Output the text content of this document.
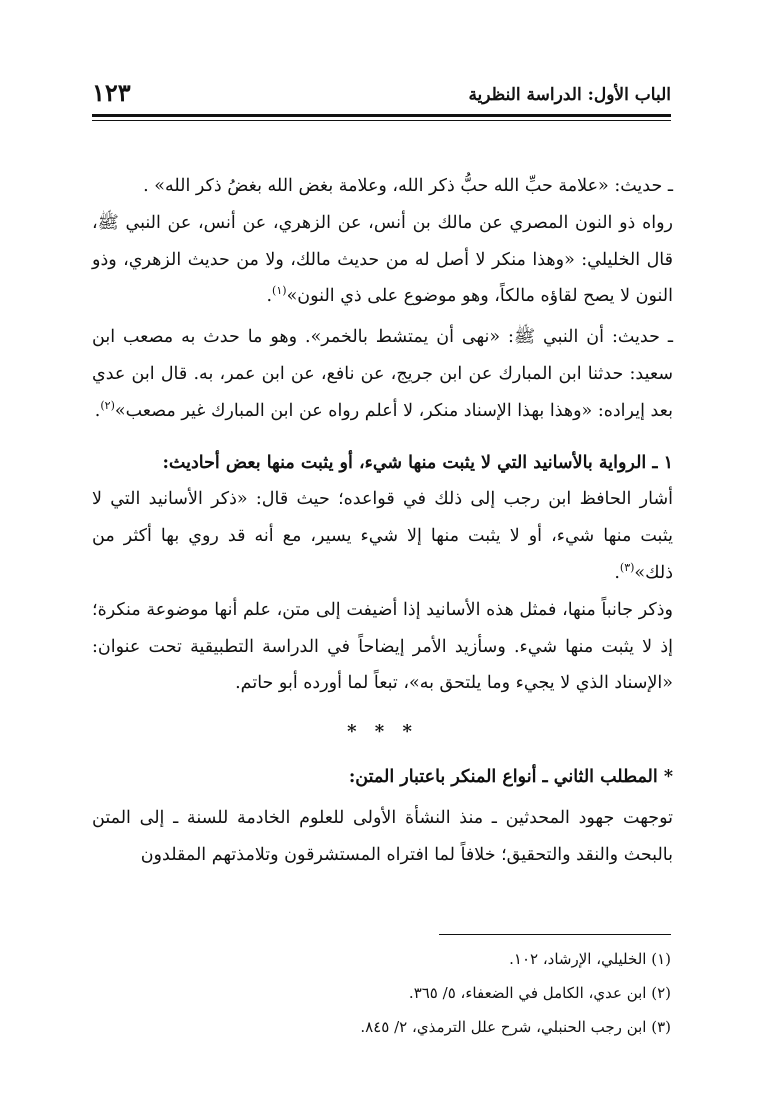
الباب الأول: الدراسة النظرية
١٢٣

ـ حديث: «علامة حبِّ الله حبُّ ذكر الله، وعلامة بغض الله بغضُ ذكر الله» .

رواه ذو النون المصري عن مالك بن أنس، عن الزهري، عن أنس، عن النبي ﷺ، قال الخليلي: «وهذا منكر لا أصل له من حديث مالك، ولا من حديث الزهري، وذو النون لا يصح لقاؤه مالكاً، وهو موضوع على ذي النون»$^{(١)}$.

ـ حديث: أن النبي ﷺ: «نهى أن يمتشط بالخمر». وهو ما حدث به مصعب ابن سعيد: حدثنا ابن المبارك عن ابن جريج، عن نافع، عن ابن عمر، به. قال ابن عدي بعد إيراده: «وهذا بهذا الإسناد منكر، لا أعلم رواه عن ابن المبارك غير مصعب»$^{(٢)}$.

١ ـ الرواية بالأسانيد التي لا يثبت منها شيء، أو يثبت منها بعض أحاديث:

أشار الحافظ ابن رجب إلى ذلك في قواعده؛ حيث قال: «ذكر الأسانيد التي لا يثبت منها شيء، أو لا يثبت منها إلا شيء يسير، مع أنه قد روي بها أكثر من ذلك»$^{(٣)}$.

وذكر جانباً منها، فمثل هذه الأسانيد إذا أضيفت إلى متن، علم أنها موضوعة منكرة؛ إذ لا يثبت منها شيء. وسأزيد الأمر إيضاحاً في الدراسة التطبيقية تحت عنوان: «الإسناد الذي لا يجيء وما يلتحق به»، تبعاً لما أورده أبو حاتم.

* * *

* المطلب الثاني ـ أنواع المنكر باعتبار المتن:

توجهت جهود المحدثين ـ منذ النشأة الأولى للعلوم الخادمة للسنة ـ إلى المتن بالبحث والنقد والتحقيق؛ خلافاً لما افتراه المستشرقون وتلامذتهم المقلدون

(١) الخليلي، الإرشاد، ١٠٢.

(٢) ابن عدي، الكامل في الضعفاء، ٥/ ٣٦٥.

(٣) ابن رجب الحنبلي، شرح علل الترمذي، ٢/ ٨٤٥.
